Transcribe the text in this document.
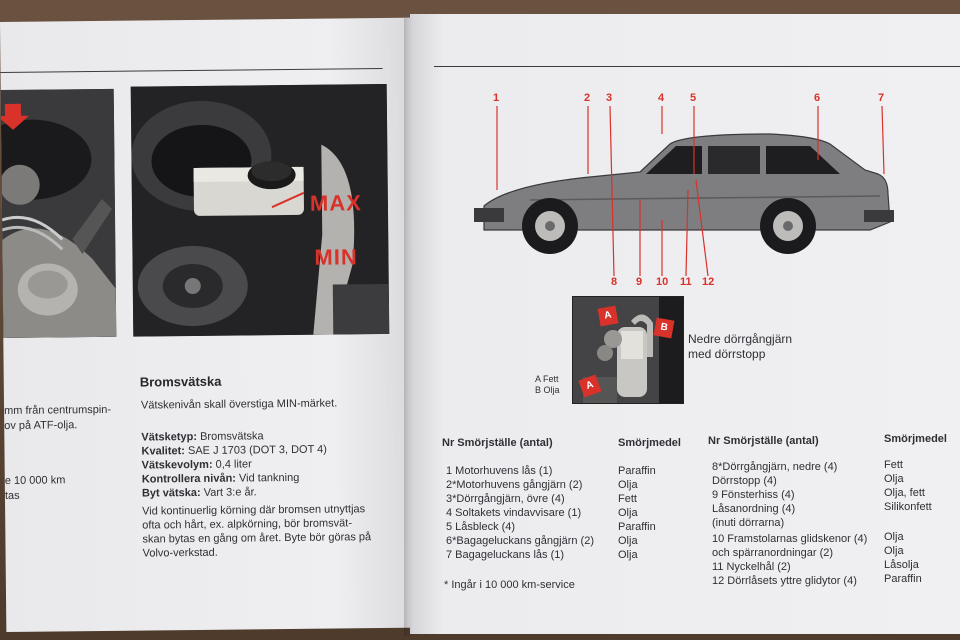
MAX
MIN
mm från centrumspin-
ov på ATF-olja.
e 10 000 km
tas
Bromsvätska
Vätskenivån skall överstiga MIN-märket.
Vätsketyp: Bromsvätska
Kvalitet: SAE J 1703 (DOT 3, DOT 4)
Vätskevolym: 0,4 liter
Kontrollera nivån: Vid tankning
Byt vätska: Vart 3:e år.
Vid kontinuerlig körning där bromsen utnyttjas
ofta och hårt, ex. alpkörning, bör bromsvät-
skan bytas en gång om året. Byte bör göras på
Volvo-verkstad.
1	2 3	4 5	6	7
8 9 10 11 12
A
B
A
A Fett
B Olja
Nedre dörrgångjärn
med dörrstopp
Nr Smörjställe (antal)	Smörjmedel Nr Smörjställe (antal)	Smörjmedel
1 Motorhuvens lås (1)	Paraffin
2*Motorhuvens gångjärn (2)	Olja
3*Dörrgångjärn, övre (4)	Fett
4 Soltakets vindavvisare (1)	Olja
5 Låsbleck (4)	Paraffin
6*Bagageluckans gångjärn (2) Olja
7 Bagageluckans lås (1)	Olja
8*Dörrgångjärn, nedre (4)	Fett
Dörrstopp (4)	Olja
9 Fönsterhiss (4)	Olja, fett
Låsanordning (4)	Silikonfett
(inuti dörrarna)
10 Framstolarnas glidskenor (4) Olja
och spärranordningar (2)	Olja
11 Nyckelhål (2)	Låsolja
12 Dörrlåsets yttre glidytor (4) Paraffin
* Ingår i 10 000 km-service
